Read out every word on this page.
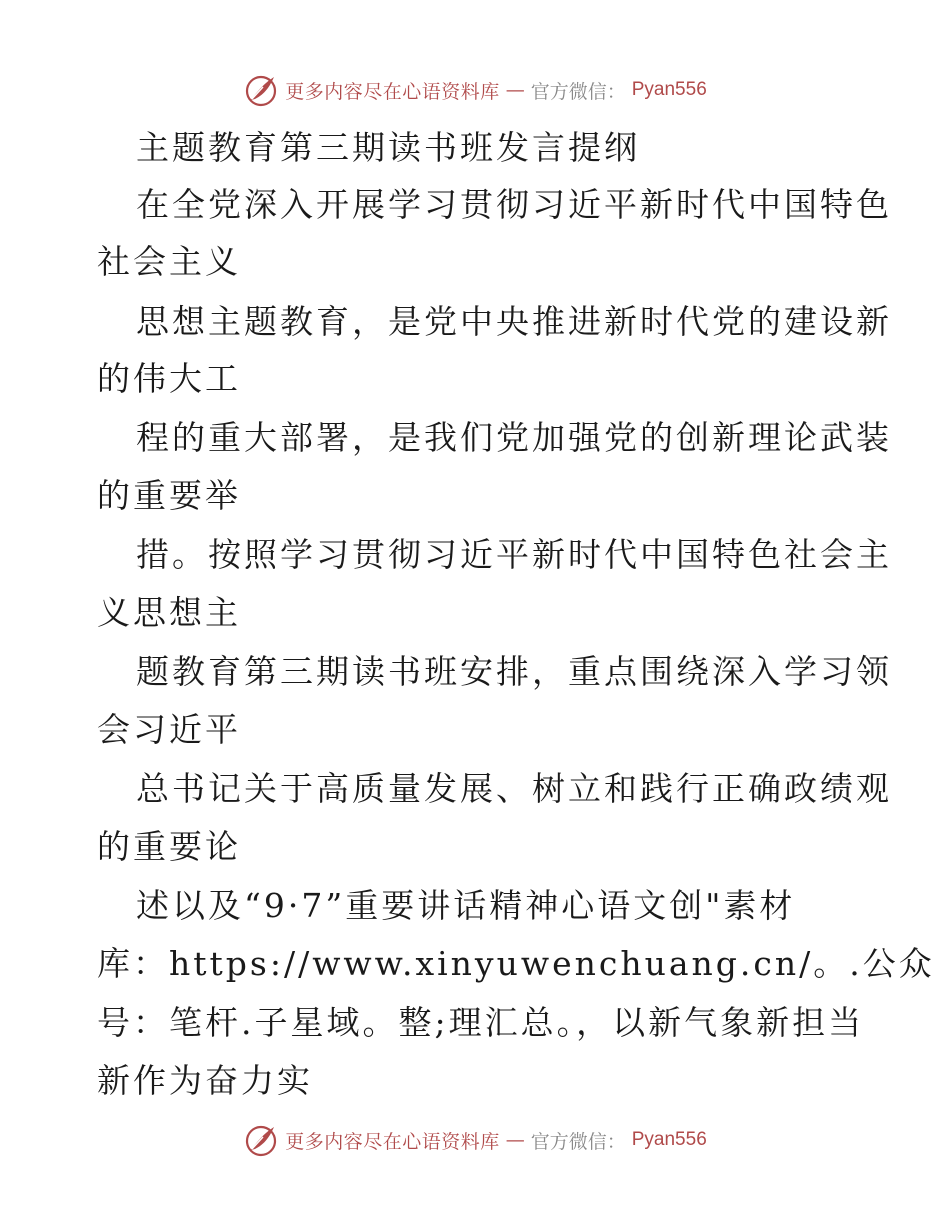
更多内容尽在心语资料库 — 官方微信： Pyan556
主题教育第三期读书班发言提纲
在全党深入开展学习贯彻习近平新时代中国特色
社会主义
思想主题教育，是党中央推进新时代党的建设新
的伟大工
程的重大部署，是我们党加强党的创新理论武装
的重要举
措。按照学习贯彻习近平新时代中国特色社会主
义思想主
题教育第三期读书班安排，重点围绕深入学习领
会习近平
总书记关于高质量发展、树立和践行正确政绩观
的重要论
述以及“9·7”重要讲话精神心语文创"素材
库：https://www.xinyuwenchuang.cn/。.公众
号：笔杆.子星域。整;理汇总。，以新气象新担当
新作为奋力实
更多内容尽在心语资料库 — 官方微信： Pyan556
